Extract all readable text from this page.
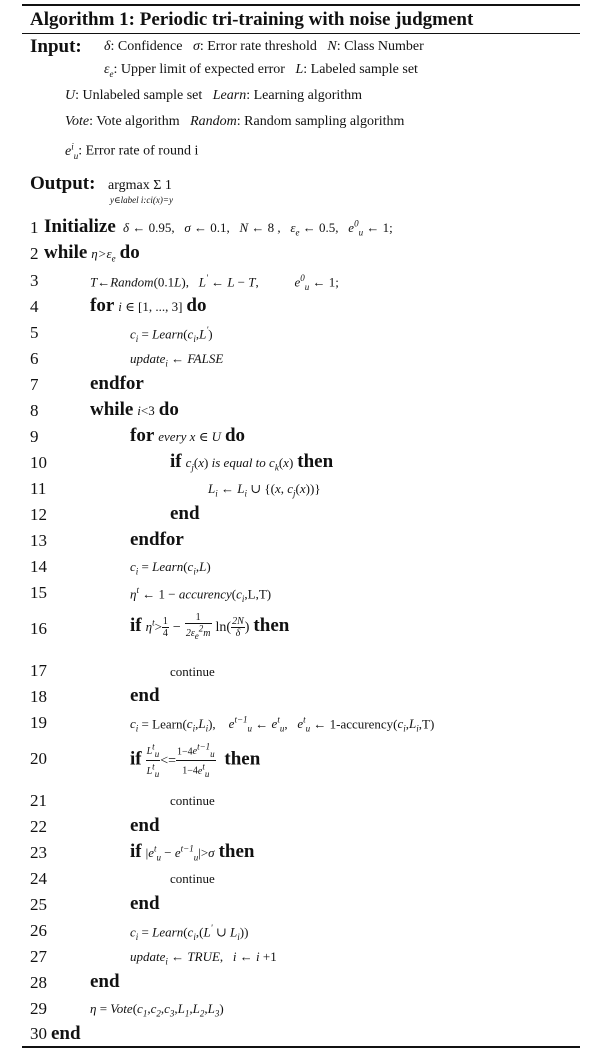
Algorithm 1: Periodic tri-training with noise judgment
Input: δ: Confidence   σ: Error rate threshold   N: Class Number
$\varepsilon_e$: Upper limit of expected error   L: Labeled sample set
U: Unlabeled sample set   Learn: Learning algorithm
Vote: Vote algorithm   Random: Random sampling algorithm
$e^i_u$: Error rate of round i
Output: argmax Σ 1
y∈label i:ci(x)=y
1 Initialize  δ ← 0.95,   σ ← 0.1,   N ← 8 ,   $\varepsilon_e$ ← 0.5,   $e^0_u$ ← 1;
2 while $\eta>\varepsilon_e$ do
3	T←Random(0.1L),   L' ← L − T,           $e^0_u$ ← 1;
4	for i ∈ [1, ..., 3] do
5	$c_i$ = $Learn(c_i,L')$
6	update$_i$ ← FALSE
7	endfor
8	while i<3 do
9	for every x ∈ U do
10	if $c_j(x)$ is equal to $c_k(x)$ then
11	$L_i$ ← $L_i$ ∪ {(x, $c_j(x)$)}
12	end
13	endfor
14	$c_i$ = $Learn(c_i,L)$
15	$\eta^t$ ← $1 - accurency(c_i,L,T)$
16	if $\eta^t> \frac{1}{4} - \frac{1}{2\varepsilon_e^2m} \ln( \frac{2N}{\delta}$ ) then
17	continue
18	end
19	$c_i$ = $Learn(c_i,L_i)$,    $e^{t-1}_u$ ← $e^t_u$,   $e^t_u$ ← $1-accurency(c_i,L_i,T)$
20	if $\frac{L^t_u}{L^t_u} <= \frac{1-4e^{t-1}_u}{1-4e^t_u}$ then
21	continue
22	end
23	if $|e^t_u - e^{t-1}_u|>\sigma$ then
24	continue
25	end
26	$c_i$ = $Learn(c_i,(L'$ ∪ $L_i$))
27	update$_i$ ← TRUE,   i ← i +1
28 end
29	$\eta = Vote(c_1,c_2,c_3,L_1,L_2,L_3)$
30 end
